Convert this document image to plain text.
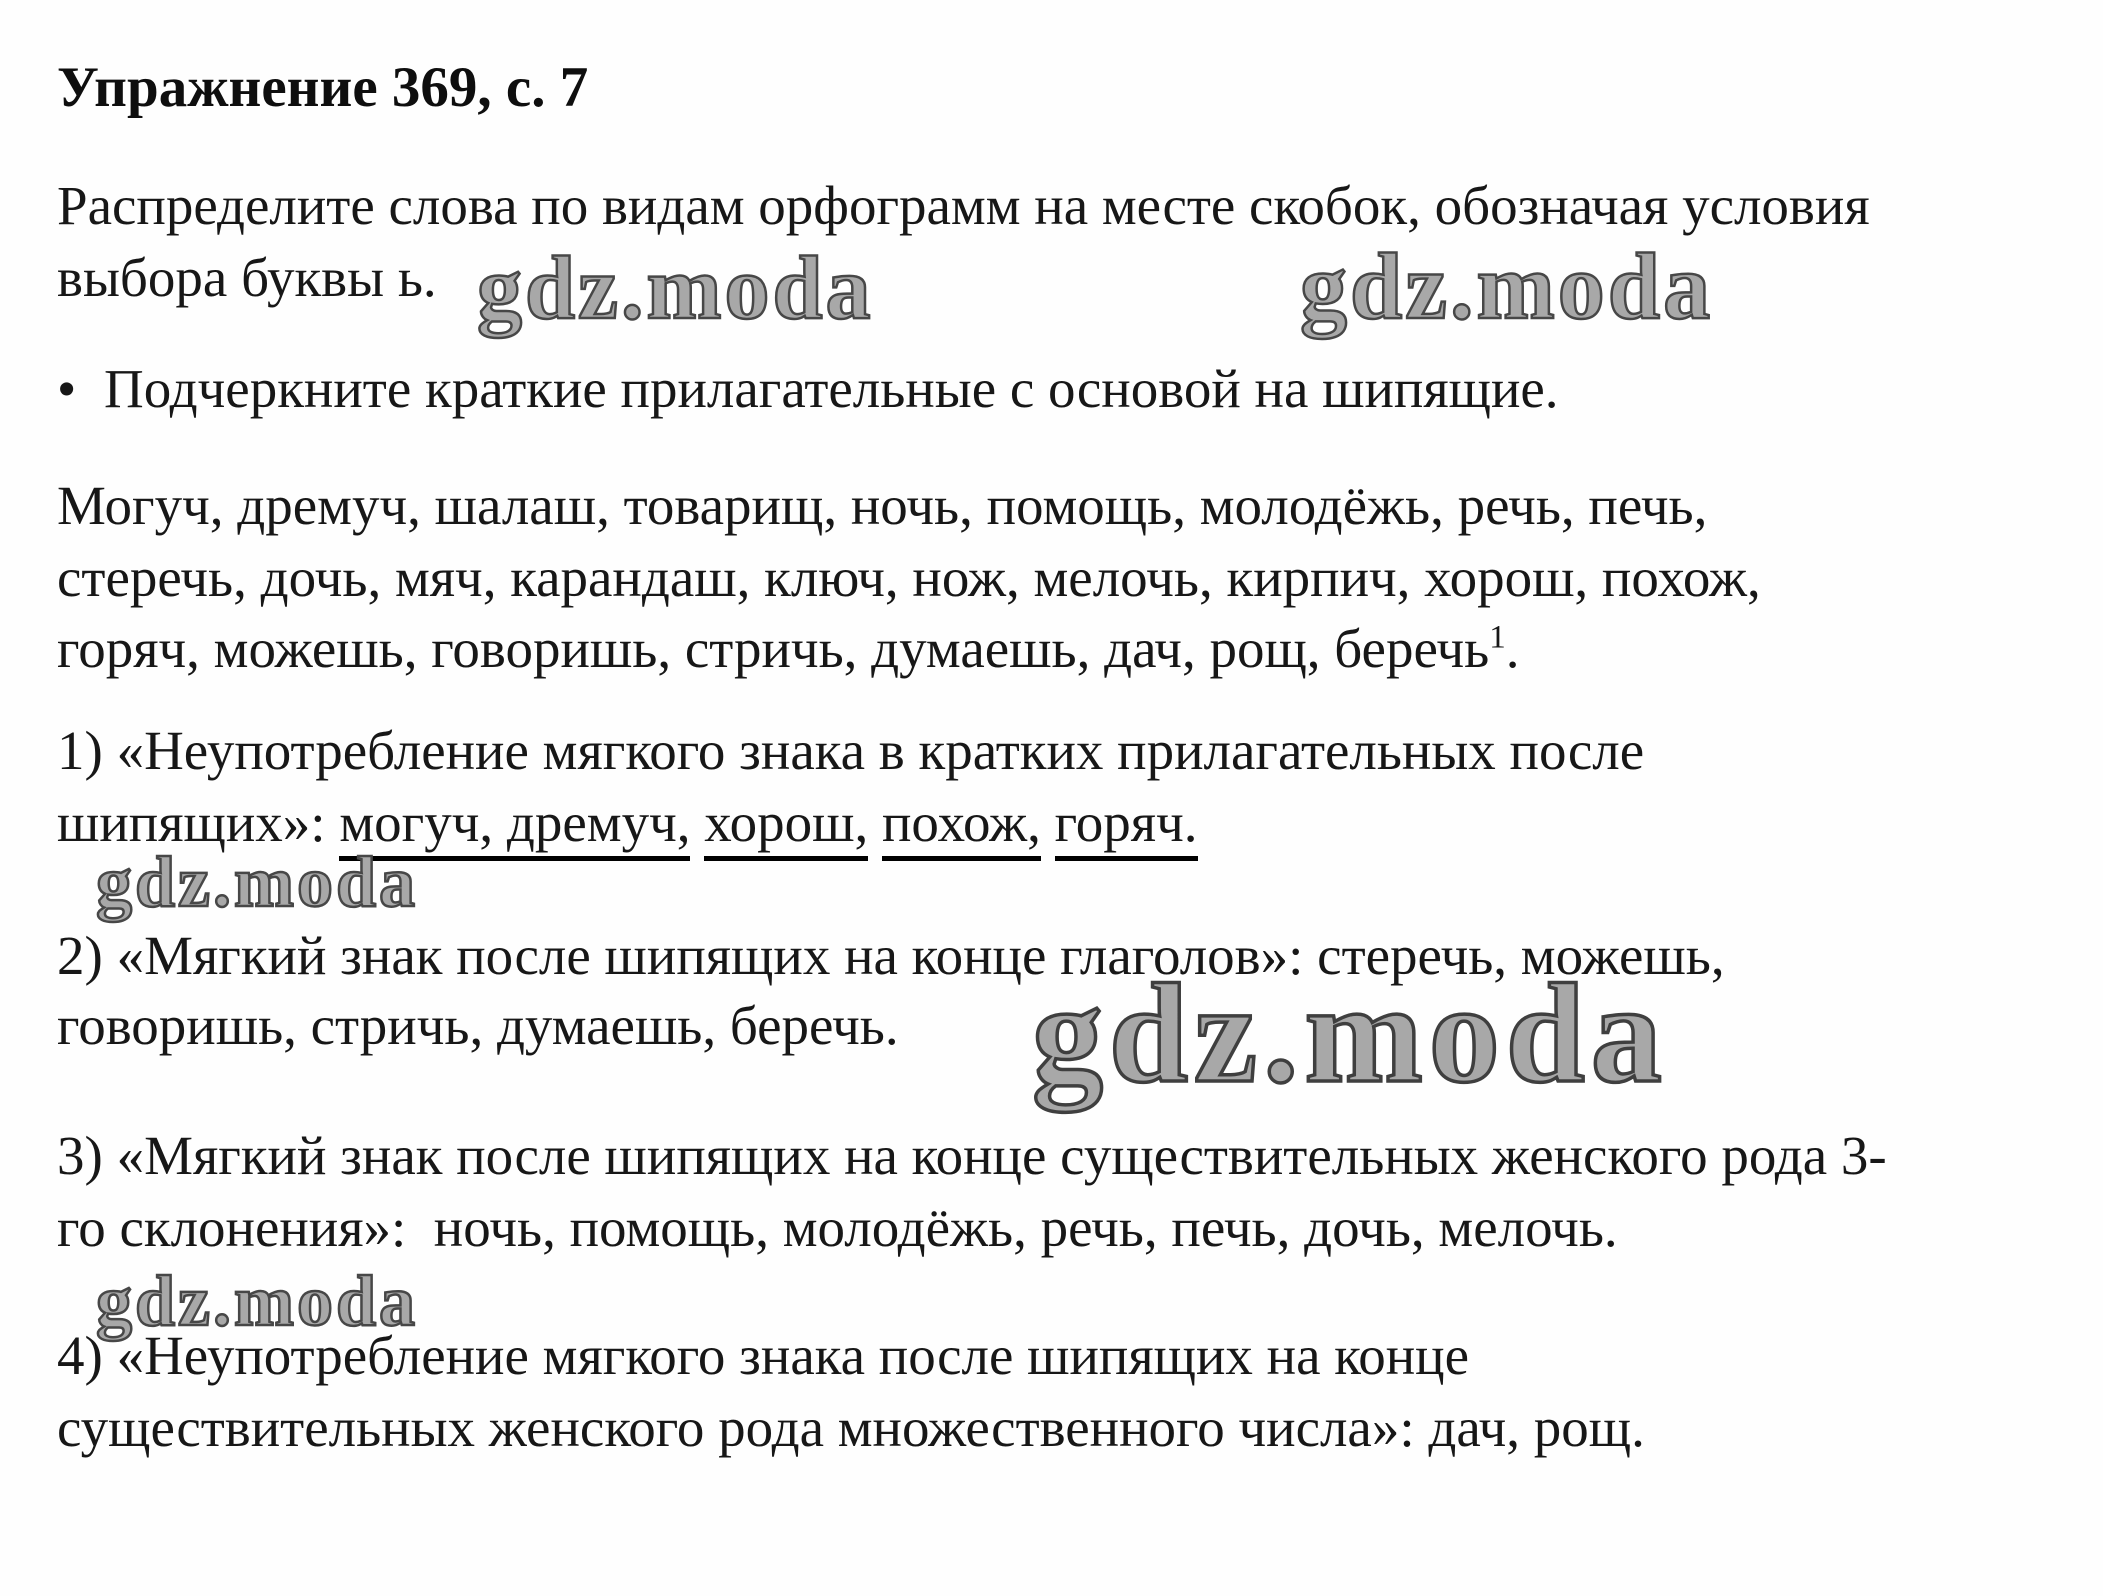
Упражнение 369, с. 7
Распределите слова по видам орфограмм на месте скобок, обозначая условия
выбора буквы ь. gdz.moda	gdz.moda
• Подчеркните краткие прилагательные с основой на шипящие.
Могуч, дремуч, шалаш, товарищ, ночь, помощь, молодёжь, речь, печь,
стеречь, дочь, мяч, карандаш, ключ, нож, мелочь, кирпич, хорош, похож,
горяч, можешь, говоришь, стричь, думаешь, дач, рощ, беречь$^1$.
1) «Неупотребление мягкого знака в кратких прилагательных после
шипящих»: могуч, дремуч, хорош, похож, горяч.
gdz.moda
2) «Мягкий знак после шипящих на конце глаголов»: стеречь, можешь,
говоришь, стричь, думаешь, беречь. gdz.moda
3) «Мягкий знак после шипящих на конце существительных женского рода 3-
го склонения»:  ночь, помощь, молодёжь, речь, печь, дочь, мелочь.
gdz.moda
4) «Неупотребление мягкого знака после шипящих на конце
существительных женского рода множественного числа»: дач, рощ.
